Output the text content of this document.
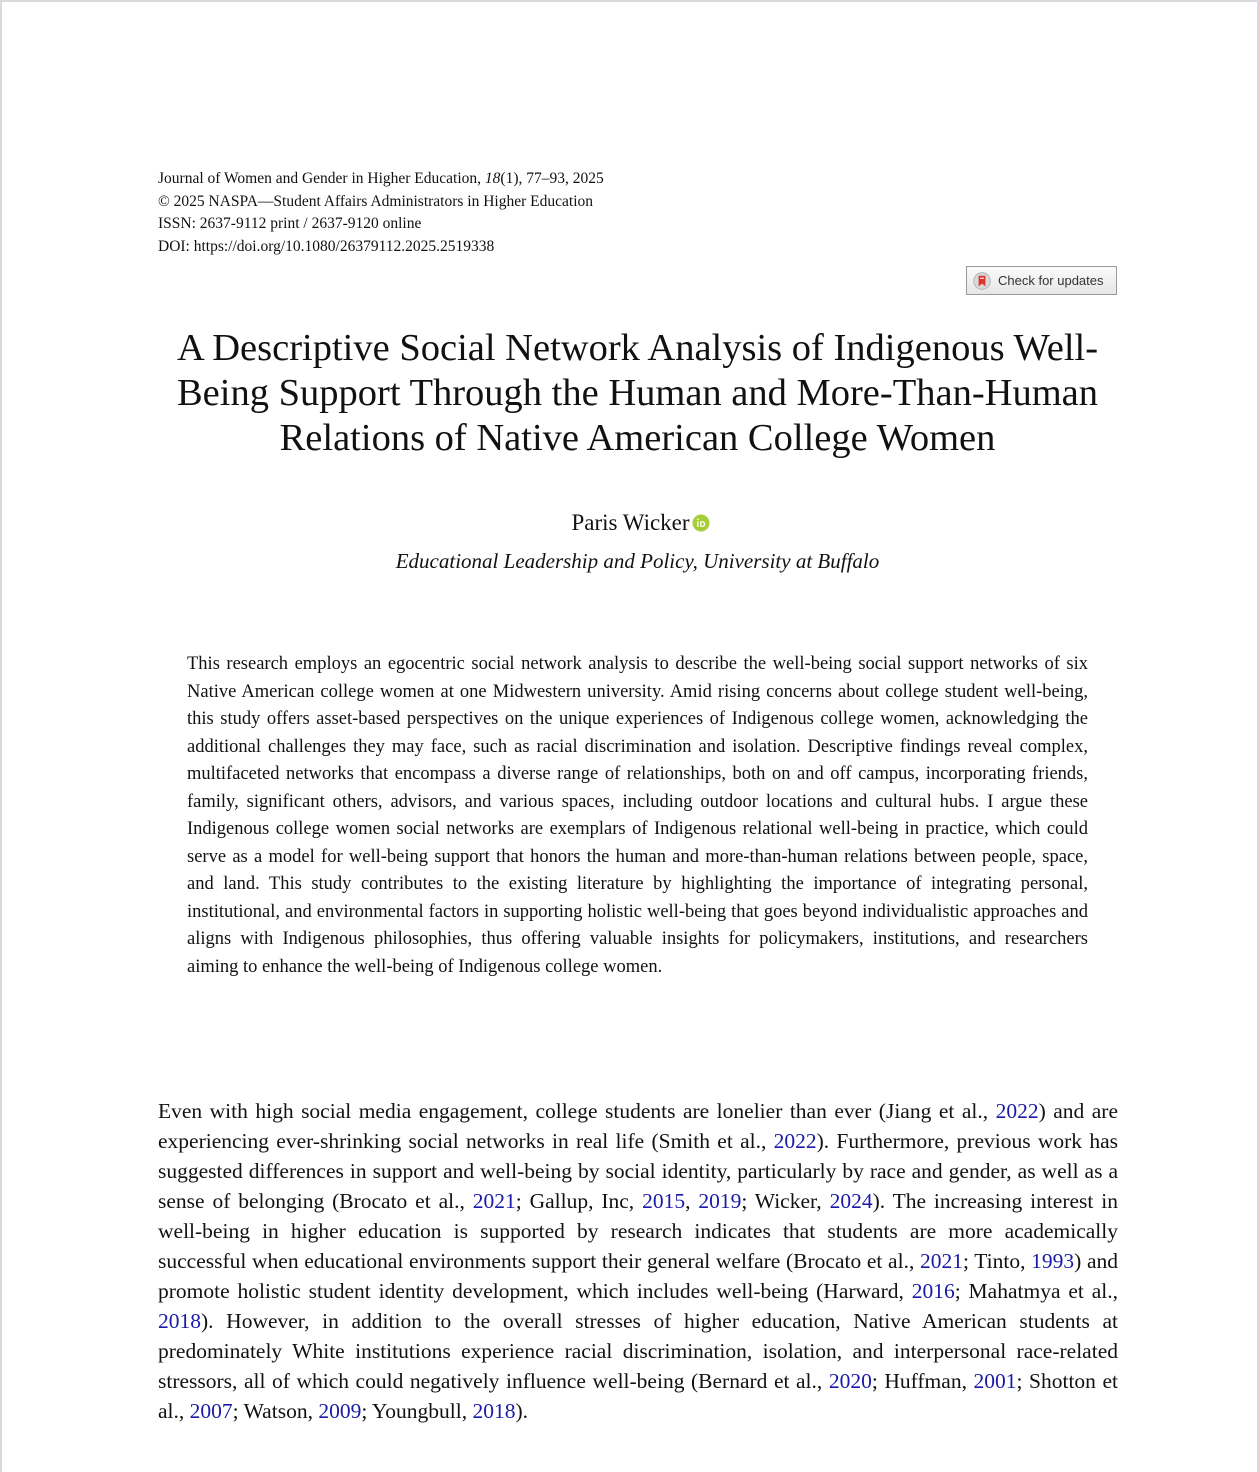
Journal of Women and Gender in Higher Education, 18(1), 77–93, 2025
© 2025 NASPA—Student Affairs Administrators in Higher Education
ISSN: 2637-9112 print / 2637-9120 online
DOI: https://doi.org/10.1080/26379112.2025.2519338
Check for updates
A Descriptive Social Network Analysis of Indigenous Well-Being Support Through the Human and More-Than-Human Relations of Native American College Women
Paris Wicker
Educational Leadership and Policy, University at Buffalo

This research employs an egocentric social network analysis to describe the well-being social support networks of six Native American college women at one Midwestern university. Amid rising concerns about college student well-being, this study offers asset-based perspectives on the unique experiences of Indigenous college women, acknowledging the additional challenges they may face, such as racial discrimination and isolation. Descriptive findings reveal complex, multifaceted networks that encompass a diverse range of relationships, both on and off campus, incorporating friends, family, significant others, advisors, and various spaces, including outdoor locations and cultural hubs. I argue these Indigenous college women social networks are exemplars of Indigenous relational well-being in practice, which could serve as a model for well-being support that honors the human and more-than-human relations between people, space, and land. This study contributes to the existing literature by highlighting the importance of integrating personal, institutional, and environmental factors in supporting holistic well-being that goes beyond individualistic approaches and aligns with Indigenous philosophies, thus offering valuable insights for policymakers, institutions, and researchers aiming to enhance the well-being of Indigenous college women.

Even with high social media engagement, college students are lonelier than ever (Jiang et al., 2022) and are experiencing ever-shrinking social networks in real life (Smith et al., 2022). Furthermore, previous work has suggested differences in support and well-being by social identity, particularly by race and gender, as well as a sense of belonging (Brocato et al., 2021; Gallup, Inc, 2015, 2019; Wicker, 2024). The increasing interest in well-being in higher education is supported by research indicates that students are more academically successful when educational environments support their general welfare (Brocato et al., 2021; Tinto, 1993) and promote holistic student identity development, which includes well-being (Harward, 2016; Mahatmya et al., 2018). However, in addition to the overall stresses of higher education, Native American students at predominately White institutions experience racial discrimination, isolation, and interpersonal race-related stressors, all of which could negatively influence well-being (Bernard et al., 2020; Huffman, 2001; Shotton et al., 2007; Watson, 2009; Youngbull, 2018).
